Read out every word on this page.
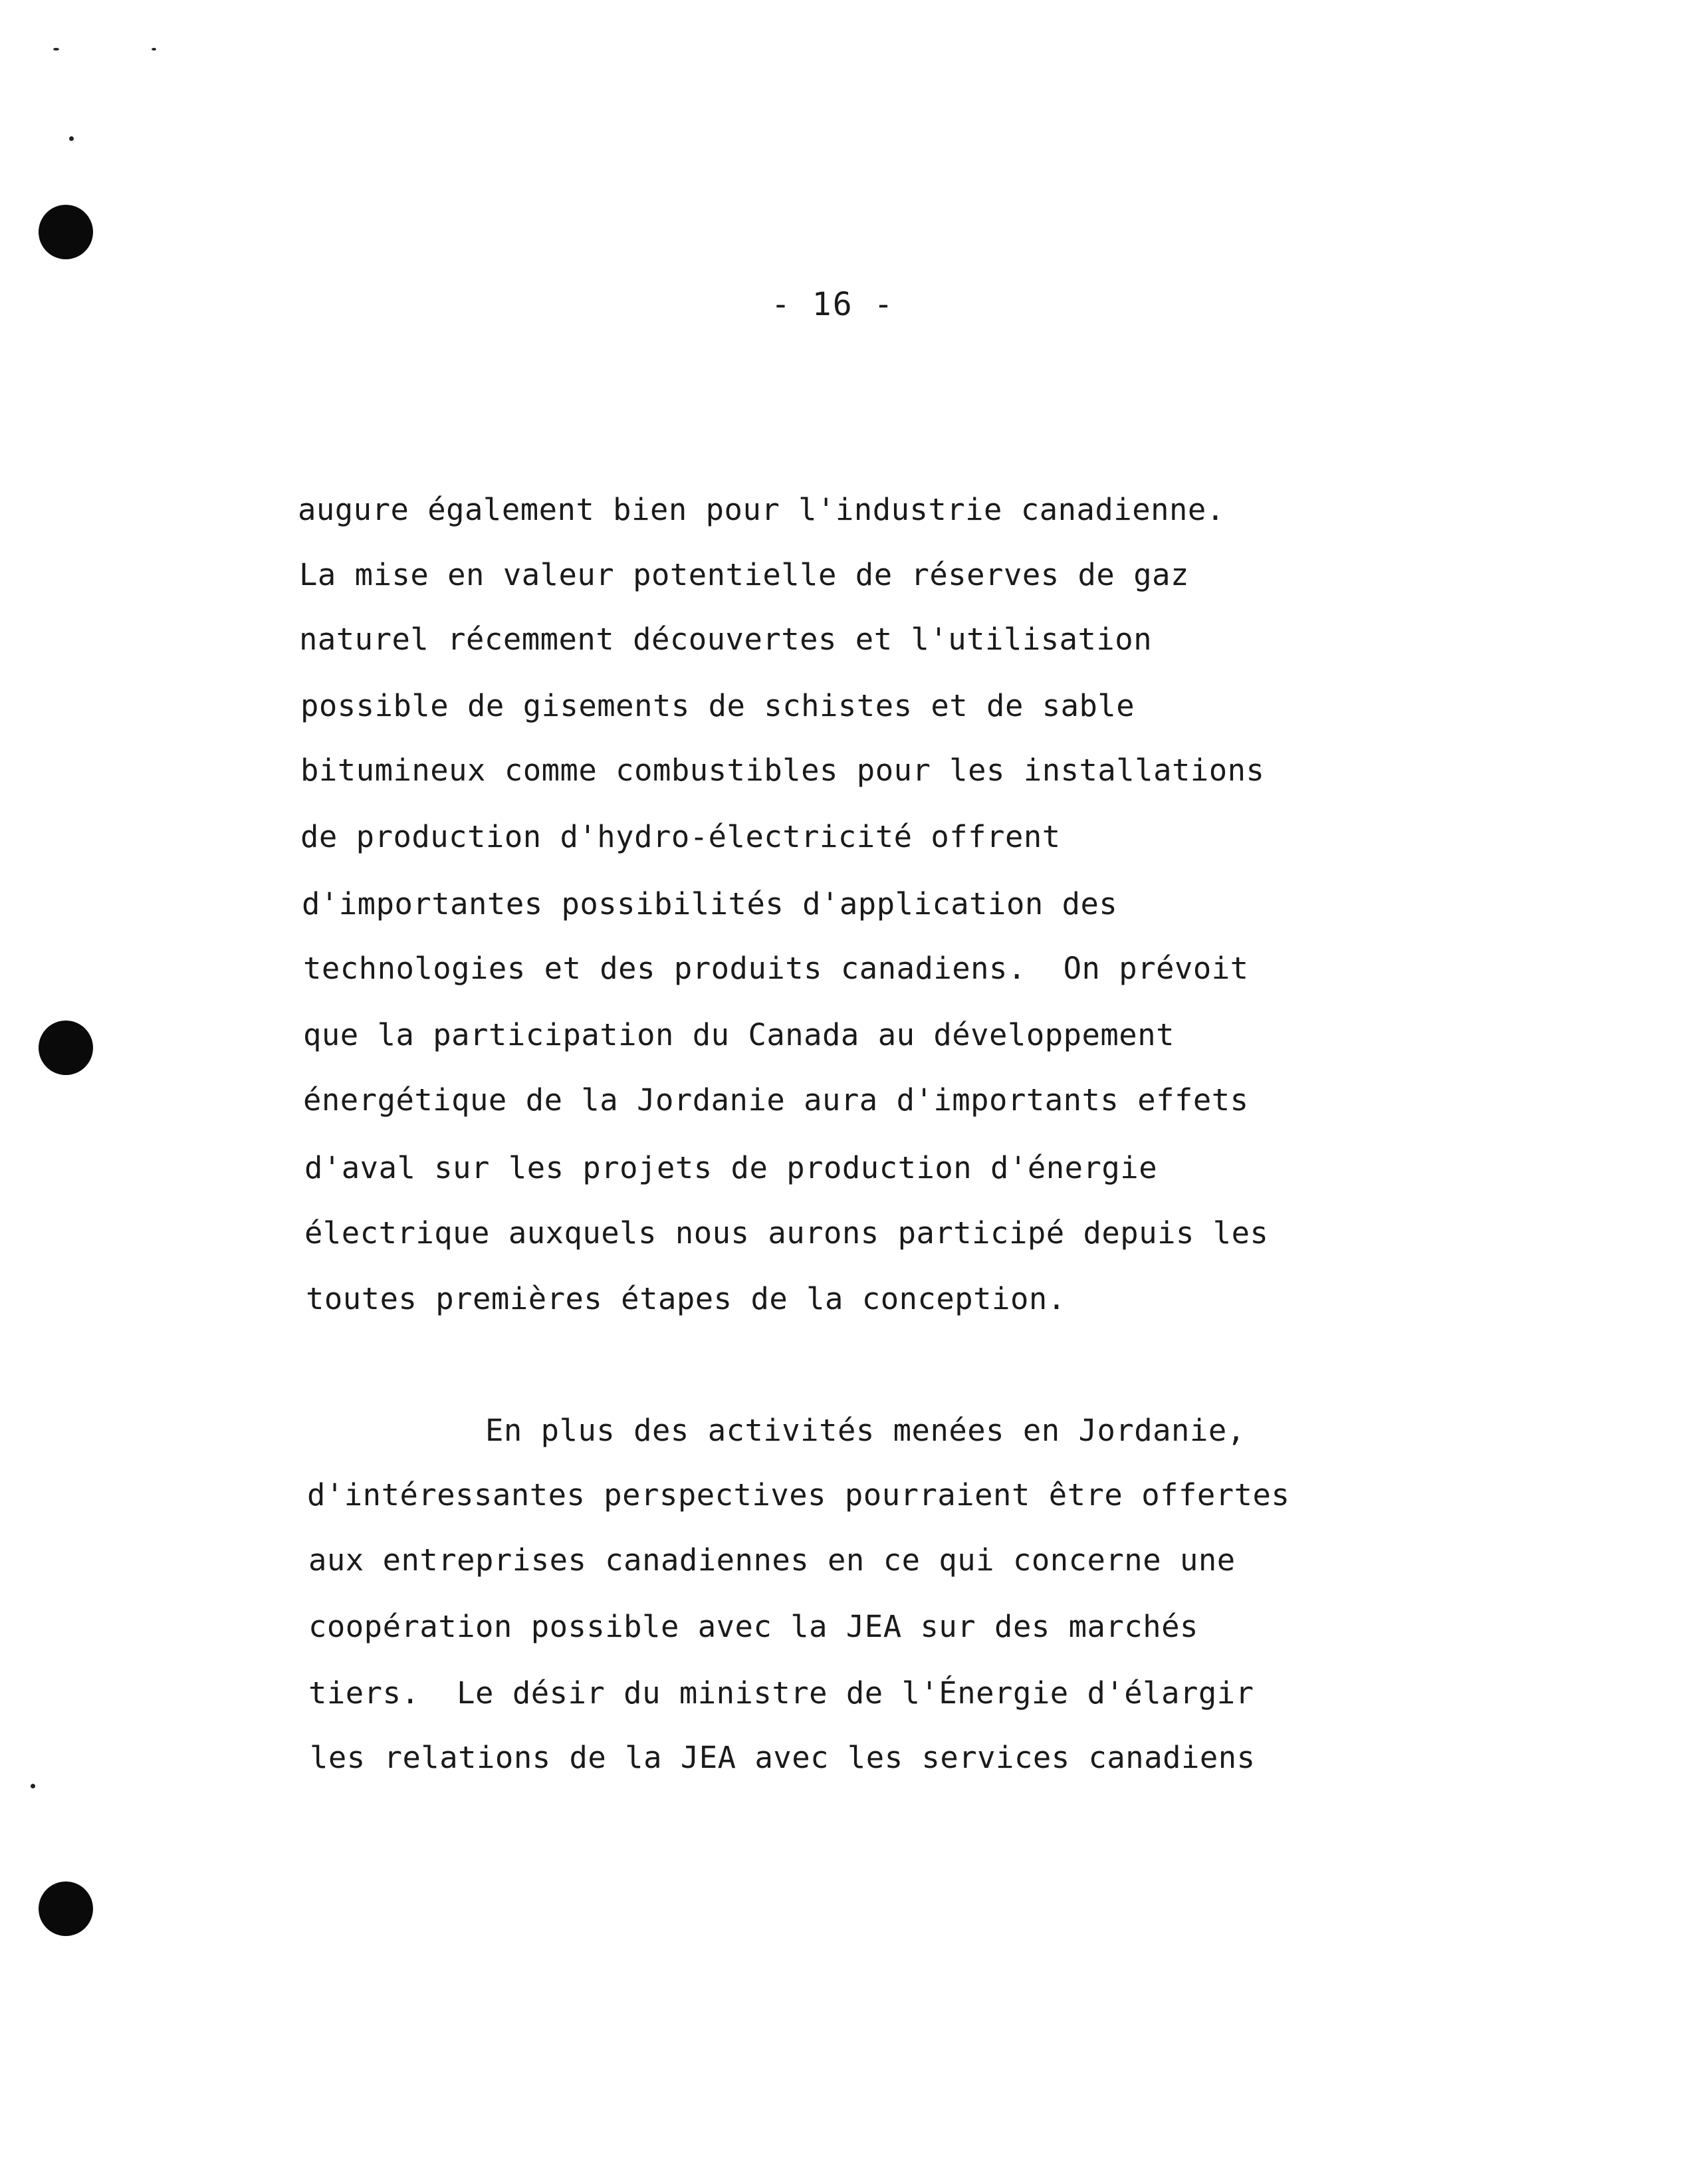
- 16 -
augure également bien pour l'industrie canadienne.
La mise en valeur potentielle de réserves de gaz
naturel récemment découvertes et l'utilisation
possible de gisements de schistes et de sable
bitumineux comme combustibles pour les installations
de production d'hydro-électricité offrent
d'importantes possibilités d'application des
technologies et des produits canadiens.  On prévoit
que la participation du Canada au développement
énergétique de la Jordanie aura d'importants effets
d'aval sur les projets de production d'énergie
électrique auxquels nous aurons participé depuis les
toutes premières étapes de la conception.
En plus des activités menées en Jordanie,
d'intéressantes perspectives pourraient être offertes
aux entreprises canadiennes en ce qui concerne une
coopération possible avec la JEA sur des marchés
tiers.  Le désir du ministre de l'Énergie d'élargir
les relations de la JEA avec les services canadiens
